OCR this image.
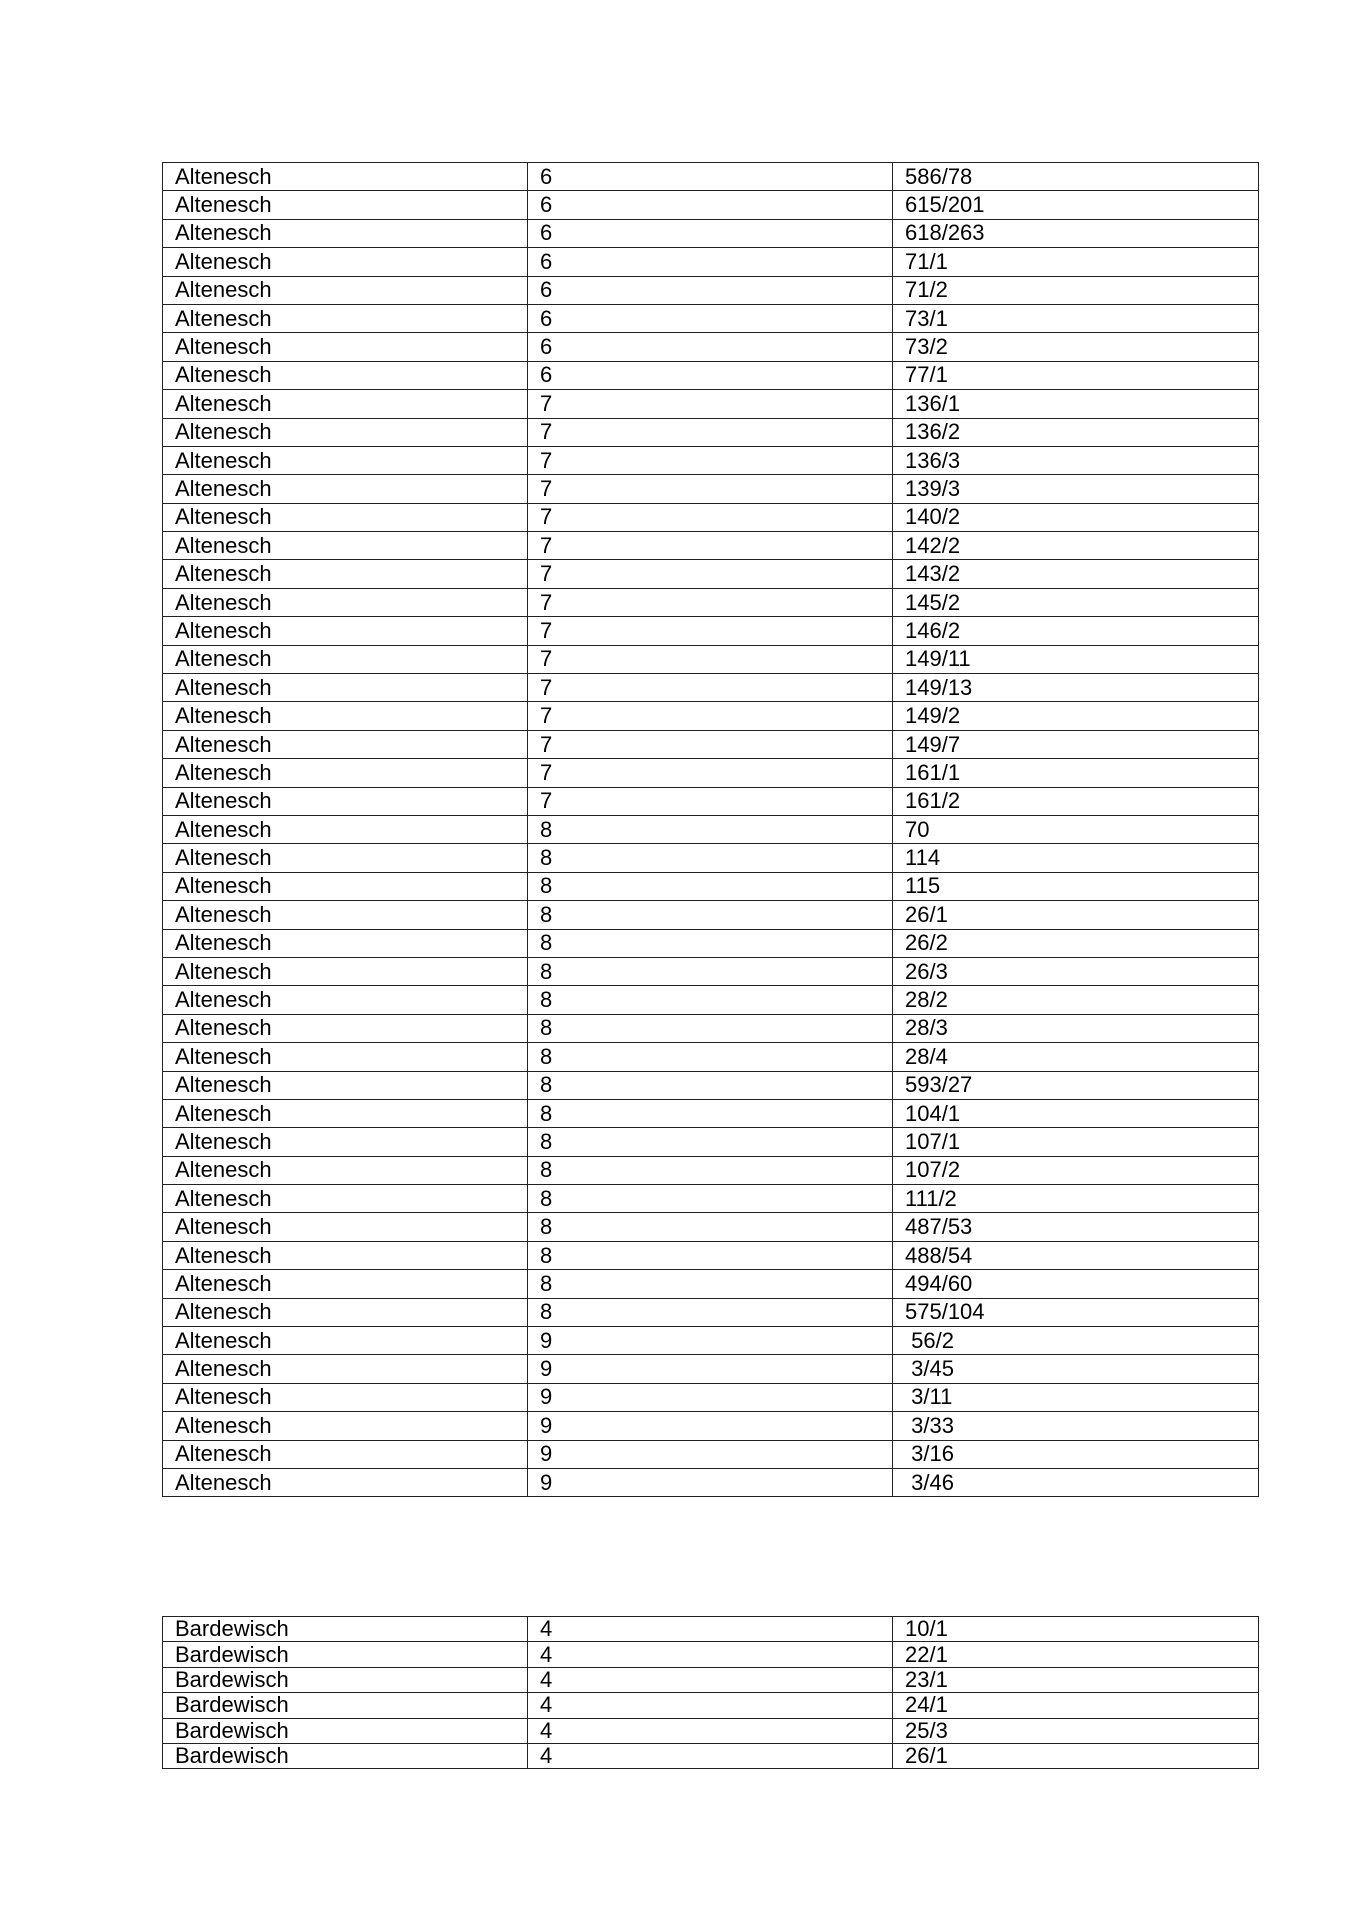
Altenesch	6	586/78
Altenesch	6	615/201
Altenesch	6	618/263
Altenesch	6	71/1
Altenesch	6	71/2
Altenesch	6	73/1
Altenesch	6	73/2
Altenesch	6	77/1
Altenesch	7	136/1
Altenesch	7	136/2
Altenesch	7	136/3
Altenesch	7	139/3
Altenesch	7	140/2
Altenesch	7	142/2
Altenesch	7	143/2
Altenesch	7	145/2
Altenesch	7	146/2
Altenesch	7	149/11
Altenesch	7	149/13
Altenesch	7	149/2
Altenesch	7	149/7
Altenesch	7	161/1
Altenesch	7	161/2
Altenesch	8	70
Altenesch	8	114
Altenesch	8	115
Altenesch	8	26/1
Altenesch	8	26/2
Altenesch	8	26/3
Altenesch	8	28/2
Altenesch	8	28/3
Altenesch	8	28/4
Altenesch	8	593/27
Altenesch	8	104/1
Altenesch	8	107/1
Altenesch	8	107/2
Altenesch	8	111/2
Altenesch	8	487/53
Altenesch	8	488/54
Altenesch	8	494/60
Altenesch	8	575/104
Altenesch	9	56/2
Altenesch	9	3/45
Altenesch	9	3/11
Altenesch	9	3/33
Altenesch	9	3/16
Altenesch	9	3/46
Bardewisch	4	10/1
Bardewisch	4	22/1
Bardewisch	4	23/1
Bardewisch	4	24/1
Bardewisch	4	25/3
Bardewisch	4	26/1
